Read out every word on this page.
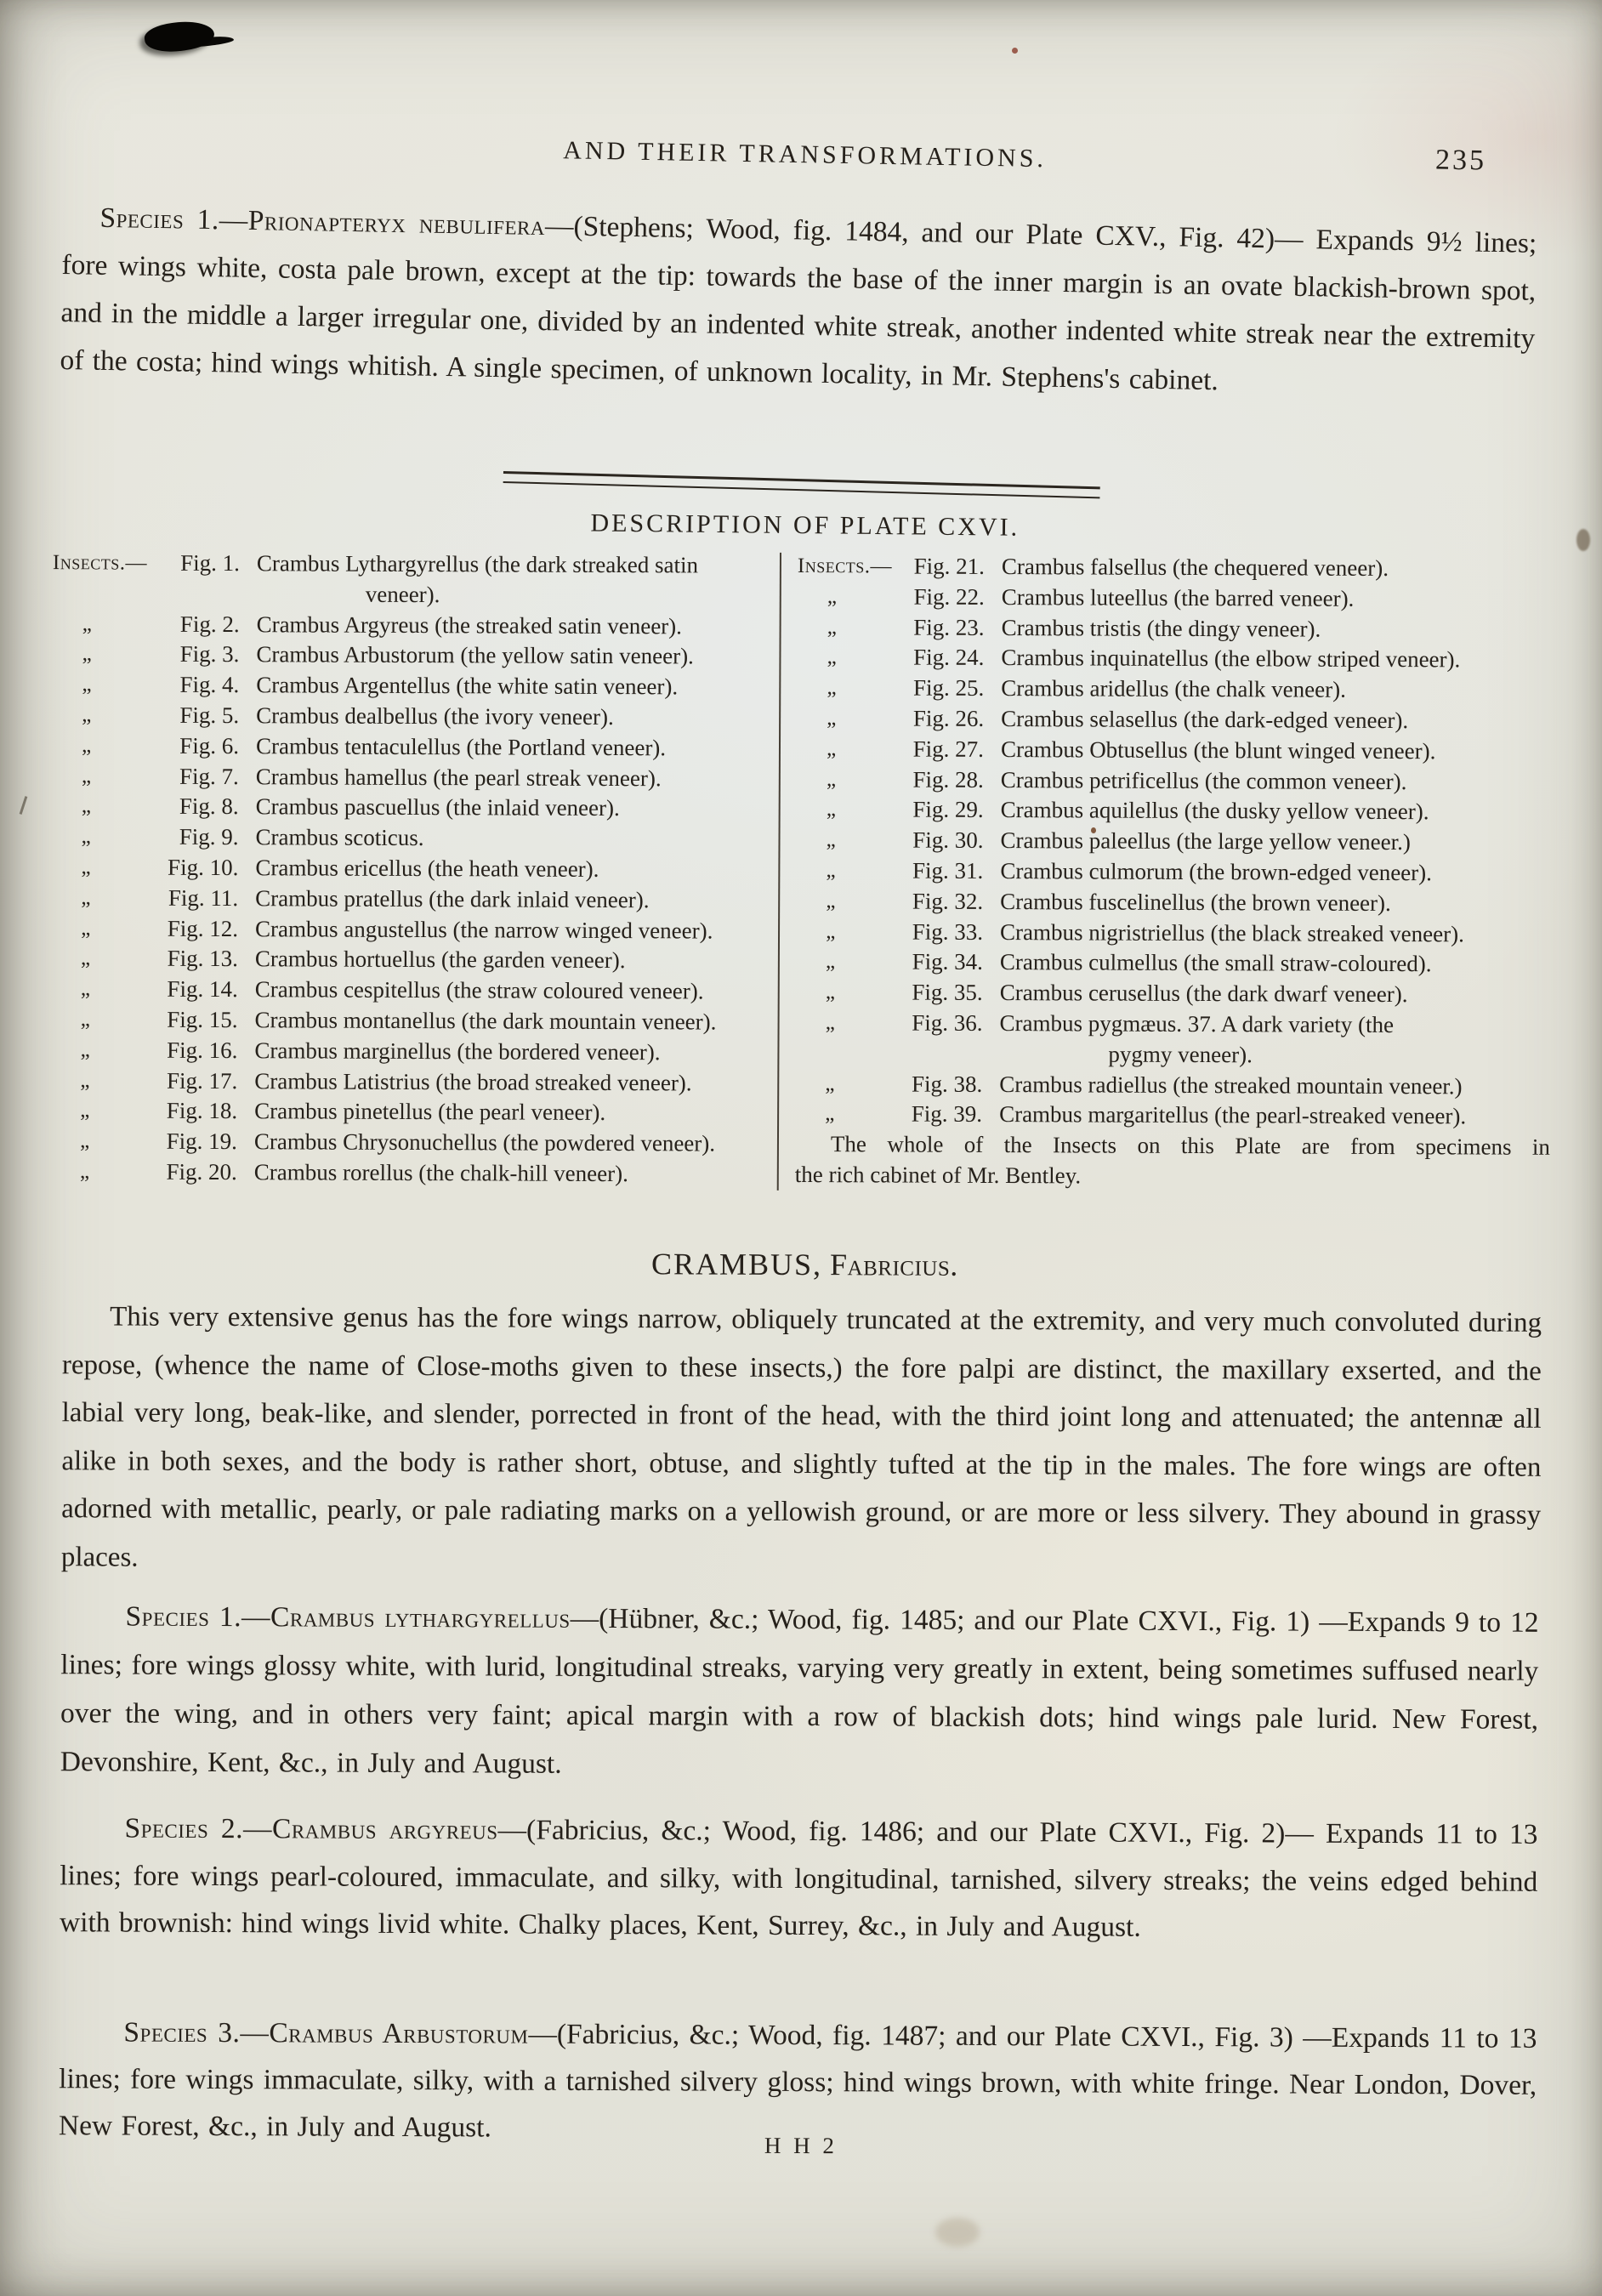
AND THEIR TRANSFORMATIONS.	235
Species 1.—Prionapteryx nebulifera—(Stephens; Wood, fig. 1484, and our Plate CXV., Fig. 42)— Expands 9½ lines; fore wings white, costa pale brown, except at the tip: towards the base of the inner margin is an ovate blackish-brown spot, and in the middle a larger irregular one, divided by an indented white streak, another indented white streak near the extremity of the costa; hind wings whitish. A single specimen, of unknown locality, in Mr. Stephens's cabinet.
DESCRIPTION OF PLATE CXVI.
Insects.—	Fig. 1. Crambus Lythargyrellus (the dark streaked satin
veneer).
„	Fig. 2. Crambus Argyreus (the streaked satin veneer).
„	Fig. 3. Crambus Arbustorum (the yellow satin veneer).
„	Fig. 4. Crambus Argentellus (the white satin veneer).
„	Fig. 5. Crambus dealbellus (the ivory veneer).
„	Fig. 6. Crambus tentaculellus (the Portland veneer).
„	Fig. 7. Crambus hamellus (the pearl streak veneer).
„	Fig. 8. Crambus pascuellus (the inlaid veneer).
„	Fig. 9. Crambus scoticus.
„	Fig. 10. Crambus ericellus (the heath veneer).
„	Fig. 11. Crambus pratellus (the dark inlaid veneer).
„	Fig. 12. Crambus angustellus (the narrow winged veneer).
„	Fig. 13. Crambus hortuellus (the garden veneer).
„	Fig. 14. Crambus cespitellus (the straw coloured veneer).
„	Fig. 15. Crambus montanellus (the dark mountain veneer).
„	Fig. 16. Crambus marginellus (the bordered veneer).
„	Fig. 17. Crambus Latistrius (the broad streaked veneer).
„	Fig. 18. Crambus pinetellus (the pearl veneer).
„	Fig. 19. Crambus Chrysonuchellus (the powdered veneer).
„	Fig. 20. Crambus rorellus (the chalk-hill veneer).
Insects.— Fig. 21. Crambus falsellus (the chequered veneer).
„	Fig. 22. Crambus luteellus (the barred veneer).
„	Fig. 23. Crambus tristis (the dingy veneer).
„	Fig. 24. Crambus inquinatellus (the elbow striped veneer).
„	Fig. 25. Crambus aridellus (the chalk veneer).
„	Fig. 26. Crambus selasellus (the dark-edged veneer).
„	Fig. 27. Crambus Obtusellus (the blunt winged veneer).
„	Fig. 28. Crambus petrificellus (the common veneer).
„	Fig. 29. Crambus aquilellus (the dusky yellow veneer).
„	Fig. 30. Crambus paleellus (the large yellow veneer.)
„	Fig. 31. Crambus culmorum (the brown-edged veneer).
„	Fig. 32. Crambus fuscelinellus (the brown veneer).
„	Fig. 33. Crambus nigristriellus (the black streaked veneer).
„	Fig. 34. Crambus culmellus (the small straw-coloured).
„	Fig. 35. Crambus cerusellus (the dark dwarf veneer).
„	Fig. 36. Crambus pygmæus. 37. A dark variety (the
pygmy veneer).
„	Fig. 38. Crambus radiellus (the streaked mountain veneer.)
„	Fig. 39. Crambus margaritellus (the pearl-streaked veneer).
The whole of the Insects on this Plate are from specimens in
the rich cabinet of Mr. Bentley.
CRAMBUS, Fabricius.
This very extensive genus has the fore wings narrow, obliquely truncated at the extremity, and very much convoluted during repose, (whence the name of Close-moths given to these insects,) the fore palpi are distinct, the maxillary exserted, and the labial very long, beak-like, and slender, porrected in front of the head, with the third joint long and attenuated; the antennæ all alike in both sexes, and the body is rather short, obtuse, and slightly tufted at the tip in the males. The fore wings are often adorned with metallic, pearly, or pale radiating marks on a yellowish ground, or are more or less silvery. They abound in grassy places.
Species 1.—Crambus lythargyrellus—(Hübner, &c.; Wood, fig. 1485; and our Plate CXVI., Fig. 1) —Expands 9 to 12 lines; fore wings glossy white, with lurid, longitudinal streaks, varying very greatly in extent, being sometimes suffused nearly over the wing, and in others very faint; apical margin with a row of blackish dots; hind wings pale lurid. New Forest, Devonshire, Kent, &c., in July and August.
Species 2.—Crambus argyreus—(Fabricius, &c.; Wood, fig. 1486; and our Plate CXVI., Fig. 2)— Expands 11 to 13 lines; fore wings pearl-coloured, immaculate, and silky, with longitudinal, tarnished, silvery streaks; the veins edged behind with brownish: hind wings livid white. Chalky places, Kent, Surrey, &c., in July and August.
Species 3.—Crambus Arbustorum—(Fabricius, &c.; Wood, fig. 1487; and our Plate CXVI., Fig. 3) —Expands 11 to 13 lines; fore wings immaculate, silky, with a tarnished silvery gloss; hind wings brown, with white fringe. Near London, Dover, New Forest, &c., in July and August.
H H 2
